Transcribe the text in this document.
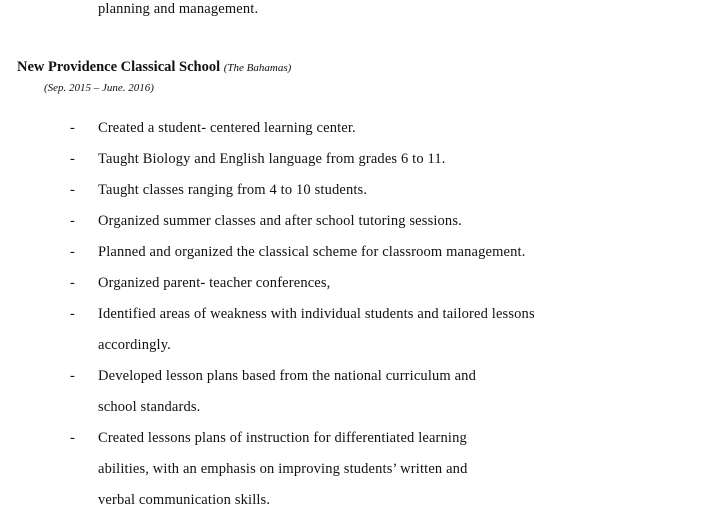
planning and management.
New Providence Classical School (The Bahamas)
(Sep. 2015 – June. 2016)
- Created a student- centered learning center.
- Taught Biology and English language from grades 6 to 11.
- Taught classes ranging from 4 to 10 students.
- Organized summer classes and after school tutoring sessions.
- Planned and organized the classical scheme for classroom management.
- Organized parent- teacher conferences,
- Identified areas of weakness with individual students and tailored lessons
accordingly.
- Developed lesson plans based from the national curriculum and
school standards.
- Created lessons plans of instruction for differentiated learning
abilities, with an emphasis on improving students’ written and
verbal communication skills.
